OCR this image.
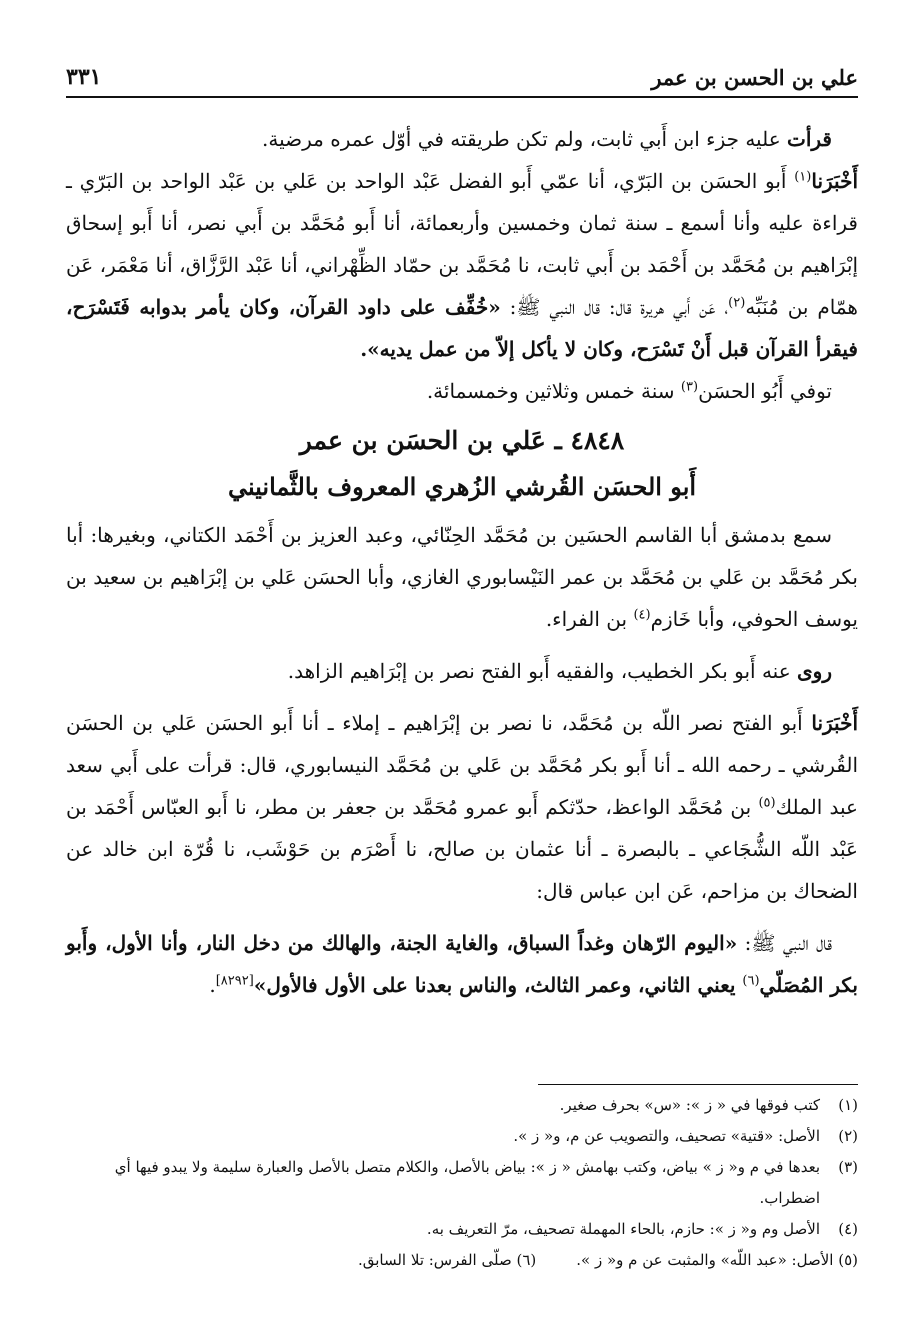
علي بن الحسن بن عمر
٣٣١

قرأت عليه جزء ابن أَبي ثابت، ولم تكن طريقته في أوّل عمره مرضية.

أَخْبَرَنا$^{(١)}$ أَبو الحسَن بن البَرّي، أنا عمّي أَبو الفضل عَبْد الواحد بن عَلي بن عَبْد الواحد بن البَرّي ـ قراءة عليه وأنا أسمع ـ سنة ثمان وخمسين وأربعمائة، أنا أَبو مُحَمَّد بن أَبي نصر، أنا أَبو إسحاق إبْرَاهيم بن مُحَمَّد بن أَحْمَد بن أَبي ثابت، نا مُحَمَّد بن حمّاد الظِّهْراني، أنا عَبْد الرَّزَّاق، أنا مَعْمَر، عَن همّام بن مُنَبِّه$^{(٢)}$، عَن أَبي هريرة قال: قال النبي ﷺ: «خُفِّف على داود القرآن، وكان يأمر بدوابه فَتَسْرَح، فيقرأ القرآن قبل أَنْ تَسْرَح، وكان لا يأكل إلاّ من عمل يديه».

توفي أَبُو الحسَن$^{(٣)}$ سنة خمس وثلاثين وخمسمائة.

٤٨٤٨ ـ عَلي بن الحسَن بن عمر
أَبو الحسَن القُرشي الزُهري المعروف بالثَّمانيني

سمع بدمشق أبا القاسم الحسَين بن مُحَمَّد الحِنّائي، وعبد العزيز بن أَحْمَد الكتاني، وبغيرها: أبا بكر مُحَمَّد بن عَلي بن مُحَمَّد بن عمر النَيْسابوري الغازي، وأبا الحسَن عَلي بن إبْرَاهيم بن سعيد بن يوسف الحوفي، وأبا خَازم$^{(٤)}$ بن الفراء.

روى عنه أَبو بكر الخطيب، والفقيه أَبو الفتح نصر بن إبْرَاهيم الزاهد.

أَخْبَرَنا أَبو الفتح نصر اللّه بن مُحَمَّد، نا نصر بن إبْرَاهيم ـ إملاء ـ أنا أَبو الحسَن عَلي بن الحسَن القُرشي ـ رحمه الله ـ أنا أَبو بكر مُحَمَّد بن عَلي بن مُحَمَّد النيسابوري، قال: قرأت على أَبي سعد عبد الملك$^{(٥)}$ بن مُحَمَّد الواعظ، حدّثكم أَبو عمرو مُحَمَّد بن جعفر بن مطر، نا أَبو العبّاس أَحْمَد بن عَبْد اللّه الشُّجَاعي ـ بالبصرة ـ أنا عثمان بن صالح، نا أَصْرَم بن حَوْشَب، نا قُرّة ابن خالد عن الضحاك بن مزاحم، عَن ابن عباس قال:

قال النبي ﷺ: «اليوم الرّهان وغداً السباق، والغاية الجنة، والهالك من دخل النار، وأنا الأول، وأَبو بكر المُصَلّي$^{(٦)}$ يعني الثاني، وعمر الثالث، والناس بعدنا على الأول فالأول»[٨٢٩٢].

(١)
كتب فوقها في « ز »: «س» بحرف صغير.
(٢)
الأصل: «قتية» تصحيف، والتصويب عن م، و« ز ».
(٣)
بعدها في م و« ز » بياض، وكتب بهامش « ز »: بياض بالأصل، والكلام متصل بالأصل والعبارة سليمة ولا يبدو فيها أي اضطراب.
(٤)
الأصل وم و« ز »: حازم، بالحاء المهملة تصحيف، مرّ التعريف به.
(٥) الأصل: «عبد اللّه» والمثبت عن م و« ز ».
(٦) صلّى الفرس: تلا السابق.
